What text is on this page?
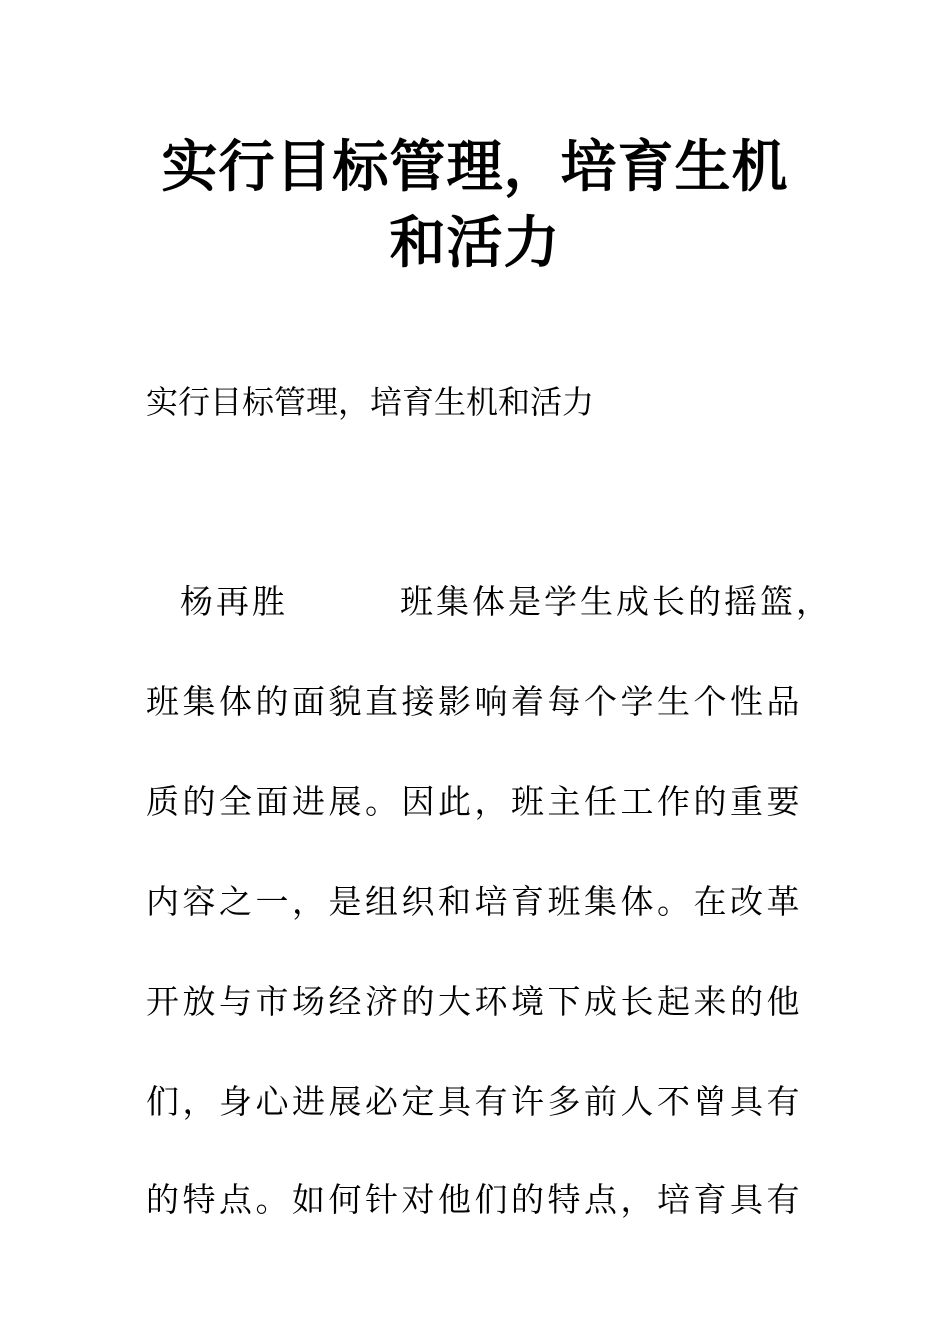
实行目标管理，培育生机
和活力

实行目标管理，培育生机和活力

杨再胜	班集体是学生成长的摇篮，

班集体的面貌直接影响着每个学生个性品

质的全面进展。因此，班主任工作的重要

内容之一，是组织和培育班集体。在改革

开放与市场经济的大环境下成长起来的他

们，身心进展必定具有许多前人不曾具有

的特点。如何针对他们的特点，培育具有
